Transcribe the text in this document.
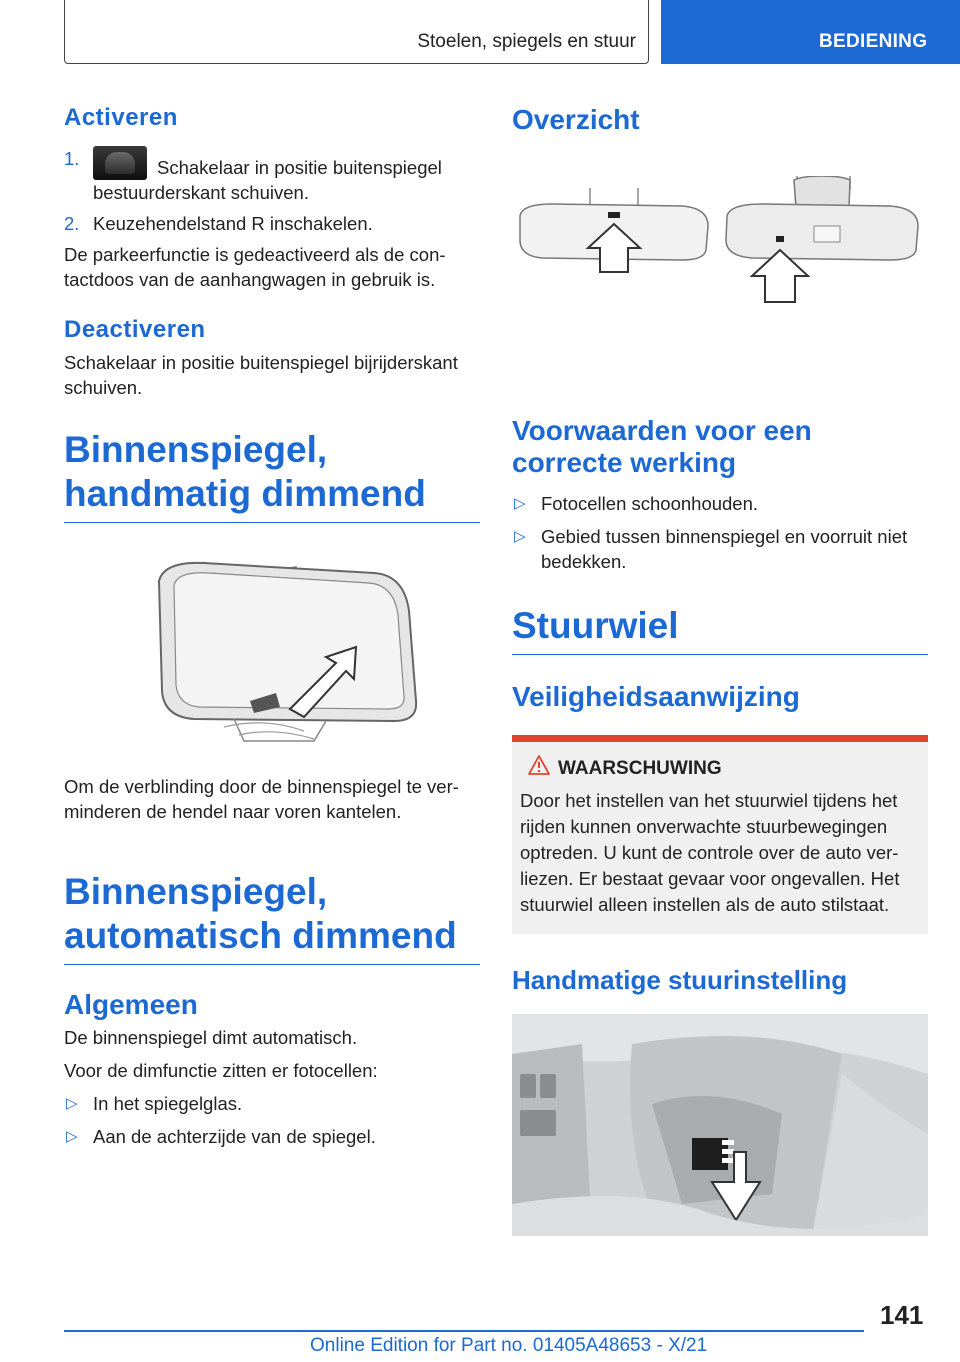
Stoelen, spiegels en stuur	BEDIENING
Activeren
1.	Schakelaar in positie buitenspiegel bestuurderskant schuiven.
2. Keuzehendelstand R inschakelen.

De parkeerfunctie is gedeactiveerd als de con-tactdoos van de aanhangwagen in gebruik is.

Deactiveren

Schakelaar in positie buitenspiegel bijrijderskant schuiven.

Binnenspiegel, handmatig dimmend

Om de verblinding door de binnenspiegel te ver-minderen de hendel naar voren kantelen.

Binnenspiegel, automatisch dimmend
Algemeen

De binnenspiegel dimt automatisch.

Voor de dimfunctie zitten er fotocellen:

▷ In het spiegelglas.
▷ Aan de achterzijde van de spiegel.
Overzicht
Voorwaarden voor een correcte werking
▷ Fotocellen schoonhouden.
▷ Gebied tussen binnenspiegel en voorruit niet bedekken.
Stuurwiel
Veiligheidsaanwijzing
WAARSCHUWING

Door het instellen van het stuurwiel tijdens het rijden kunnen onverwachte stuurbewegingen optreden. U kunt de controle over de auto ver-liezen. Er bestaat gevaar voor ongevallen. Het stuurwiel alleen instellen als de auto stilstaat.

Handmatige stuurinstelling
141
Online Edition for Part no. 01405A48653 - X/21
